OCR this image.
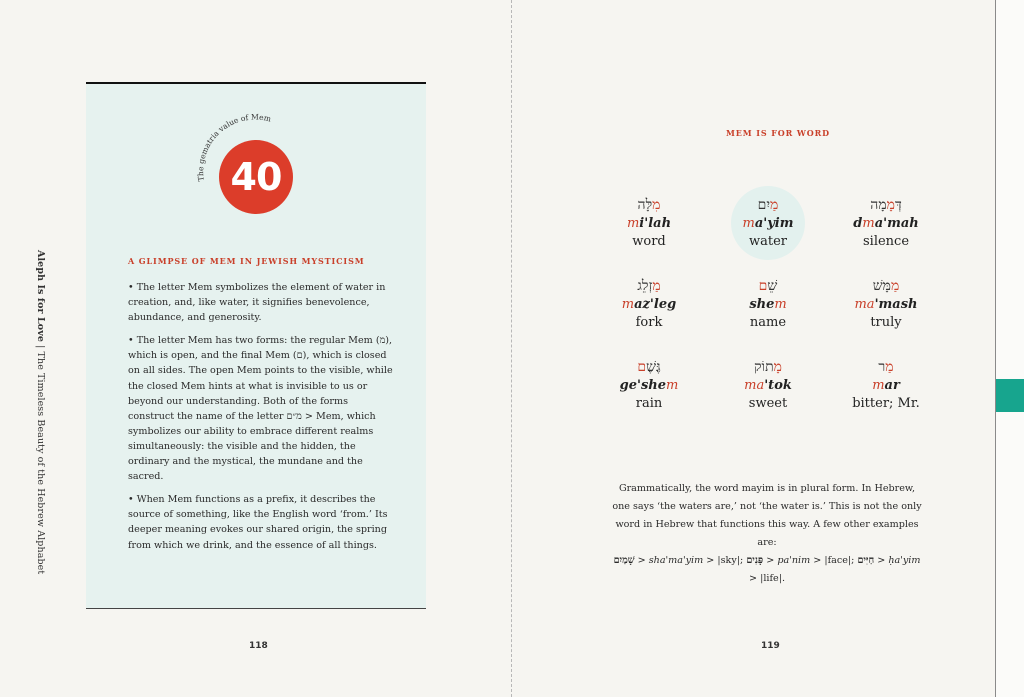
Aleph Is for Love | The Timeless Beauty of the Hebrew Alphabet
The gematria value of Mem
40
A GLIMPSE OF MEM IN JEWISH MYSTICISM

• The letter Mem symbolizes the element of water in creation, and, like water, it signifies benevolence, abundance, and generosity.

• The letter Mem has two forms: the regular Mem (מ), which is open, and the final Mem (ם), which is closed on all sides. The open Mem points to the visible, while the closed Mem hints at what is invisible to us or beyond our understanding. Both of the forms construct the name of the letter מ״ם > Mem, which symbolizes our ability to embrace different realms simultaneously: the visible and the hidden, the ordinary and the mystical, the mundane and the sacred.

• When Mem functions as a prefix, it describes the source of something, like the English word ‘from.’ Its deeper meaning evokes our shared origin, the spring from which we drink, and the essence of all things.

118
MEM IS FOR WORD
מִלָּה
mi'lah
word
מַיִם
ma'yim
water
דְּמָמָה
dma'mah
silence
מַזְלֵג
maz'leg
fork
שֵׁם
shem
name
מַמָּשׁ
ma'mash
truly
גֶּשֶׁם
ge'shem
rain
מָתוֹק
ma'tok
sweet
מַר
mar
bitter; Mr.
Grammatically, the word mayim is in plural form. In Hebrew, one says ‘the waters are,’ not ‘the water is.’ This is not the only word in Hebrew that functions this way. A few other examples are:
שָׁמַיִם > sha'ma'yim > |sky|; פָּנִים > pa'nim > |face|; חַיִּים > ḥa'yim > |life|.
119
